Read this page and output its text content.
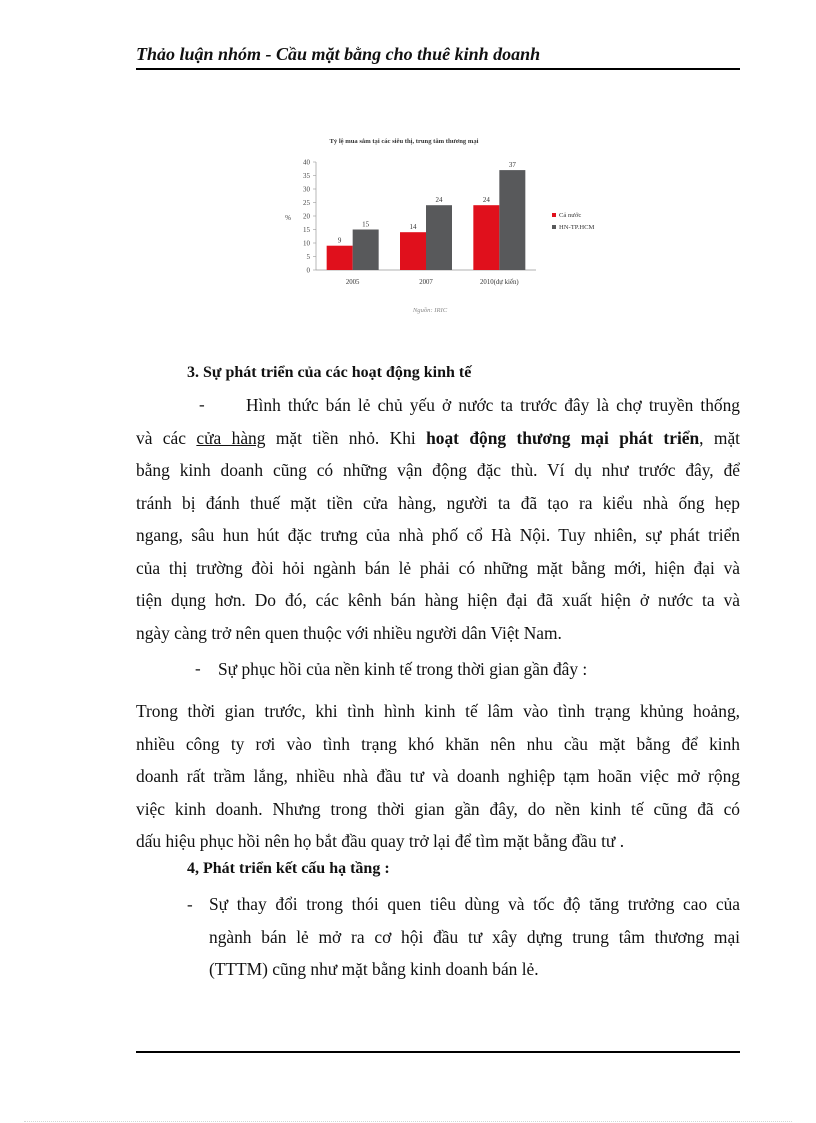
Thảo luận nhóm - Cầu mặt bằng cho thuê kinh doanh
Tỷ lệ mua sắm tại các siêu thị, trung tâm thương mại
0
5
10
15
20
25
30
35
40
%
9
15
2005
14
24
2007
24
37
2010(dự kiến)
Cả nước
HN-TP.HCM
Nguồn: IRIC
3. Sự phát triển của các hoạt động kinh tế
-	Hình thức bán lẻ chủ yếu ở nước ta trước đây là chợ truyền thống
và các cửa hàng mặt tiền nhỏ. Khi hoạt động thương mại phát triển, mặt
bằng kinh doanh cũng có những vận động đặc thù. Ví dụ như trước đây, để
tránh bị đánh thuế mặt tiền cửa hàng, người ta đã tạo ra kiểu nhà ống hẹp
ngang, sâu hun hút đặc trưng của nhà phố cổ Hà Nội. Tuy nhiên, sự phát triển
của thị trường đòi hỏi ngành bán lẻ phải có những mặt bằng mới, hiện đại và
tiện dụng hơn. Do đó, các kênh bán hàng hiện đại đã xuất hiện ở nước ta và
ngày càng trở nên quen thuộc với nhiều người dân Việt Nam.
- Sự phục hồi của nền kinh tế trong thời gian gần đây :
Trong thời gian trước, khi tình hình kinh tế lâm vào tình trạng khủng hoảng,
nhiều công ty rơi vào tình trạng khó khăn nên nhu cầu mặt bằng để kinh
doanh rất trầm lắng, nhiều nhà đầu tư và doanh nghiệp tạm hoãn việc mở rộng
việc kinh doanh. Nhưng trong thời gian gần đây, do nền kinh tế cũng đã có
dấu hiệu phục hồi nên họ bắt đầu quay trở lại để tìm mặt bằng đầu tư .
4, Phát triển kết cấu hạ tầng :
- Sự thay đổi trong thói quen tiêu dùng và tốc độ tăng trưởng cao của
ngành bán lẻ mở ra cơ hội đầu tư xây dựng trung tâm thương mại
(TTTM) cũng như mặt bằng kinh doanh bán lẻ.
